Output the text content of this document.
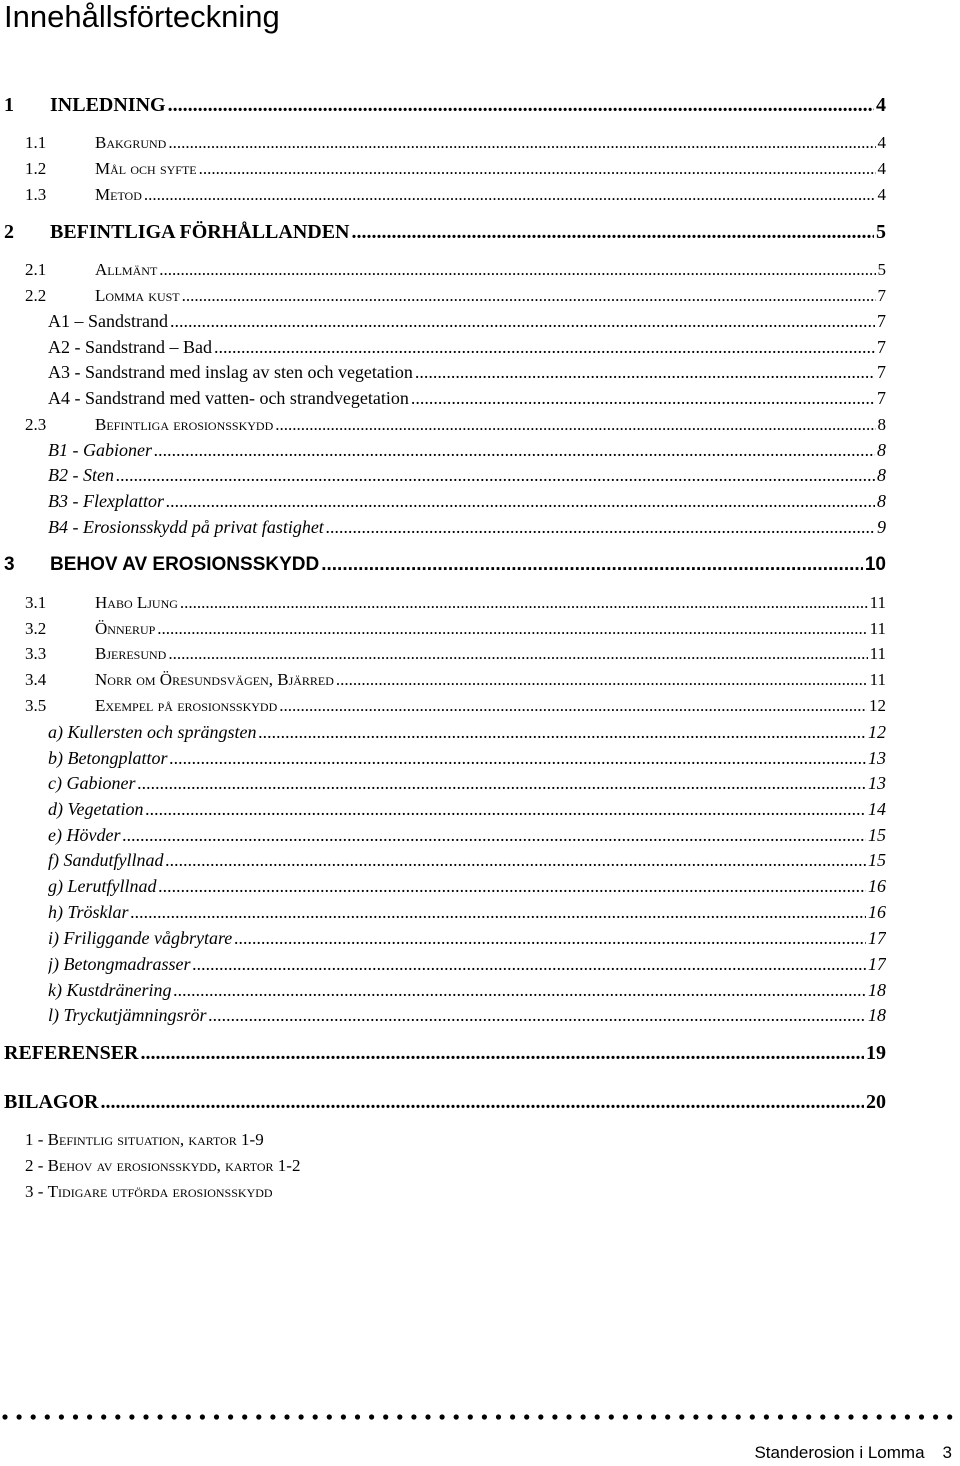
Innehållsförteckning
1	INLEDNING .....	4
1.1	Bakgrund .....	4
1.2	Mål och syfte .....	4
1.3	Metod .....	4
2	BEFINTLIGA FÖRHÅLLANDEN .....	5
2.1	Allmänt .....	5
2.2	Lomma kust .....	7
A1 – Sandstrand .....	7
A2 - Sandstrand – Bad .....	7
A3 - Sandstrand med inslag av sten och vegetation .....	7
A4 - Sandstrand med vatten- och strandvegetation .....	7
2.3	Befintliga erosionsskydd .....	8
B1 - Gabioner .....	8
B2 - Sten .....	8
B3 - Flexplattor .....	8
B4 - Erosionsskydd på privat fastighet .....	9
3	BEHOV AV EROSIONSSKYDD .....	10
3.1	Habo Ljung .....	11
3.2	Önnerup .....	11
3.3	Bjeresund .....	11
3.4	Norr om Öresundsvägen, Bjärred .....	11
3.5	Exempel på erosionsskydd .....	12
a) Kullersten och sprängsten .....	12
b) Betongplattor .....	13
c) Gabioner .....	13
d) Vegetation .....	14
e) Hövder .....	15
f) Sandutfyllnad .....	15
g) Lerutfyllnad .....	16
h) Trösklar .....	16
i) Friliggande vågbrytare .....	17
j) Betongmadrasser .....	17
k) Kustdränering .....	18
l) Tryckutjämningsrör .....	18
REFERENSER .....	19
BILAGOR .....	20
1 - Befintlig situation, kartor 1-9
2 - Behov av erosionsskydd, kartor 1-2
3 - Tidigare utförda erosionsskydd
Standerosion i Lomma 3
